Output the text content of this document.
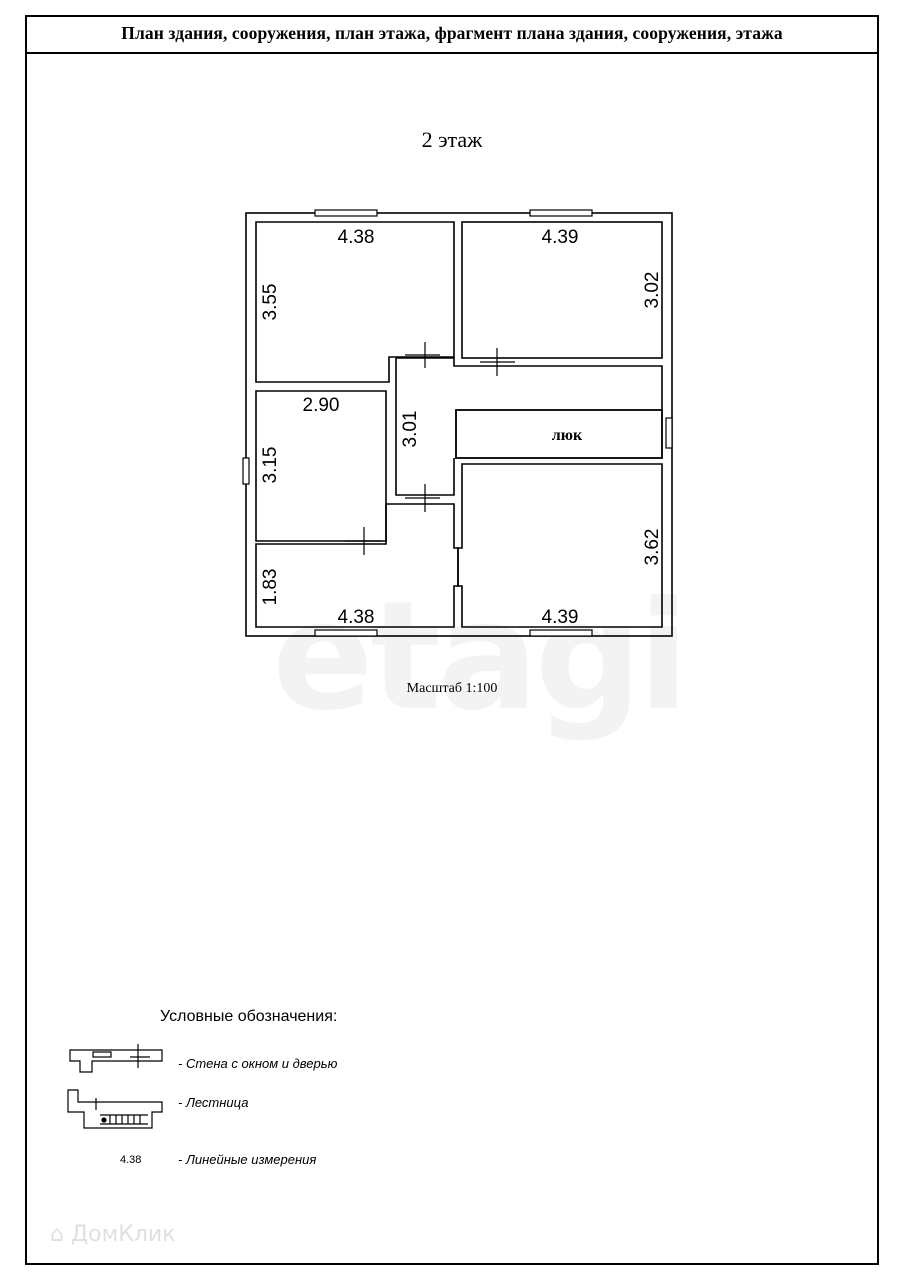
План здания, сооружения, план этажа, фрагмент плана здания, сооружения, этажа
2 этаж
4.38	4.39
3.55	3.02
2.90
3.15
3.01	люк
3.62
1.83
4.38	4.39
Масштаб 1:100
Условные обозначения:
- Стена с окном и дверью
- Лестница
4.38	- Линейные измерения
⌂ ДомКлик
